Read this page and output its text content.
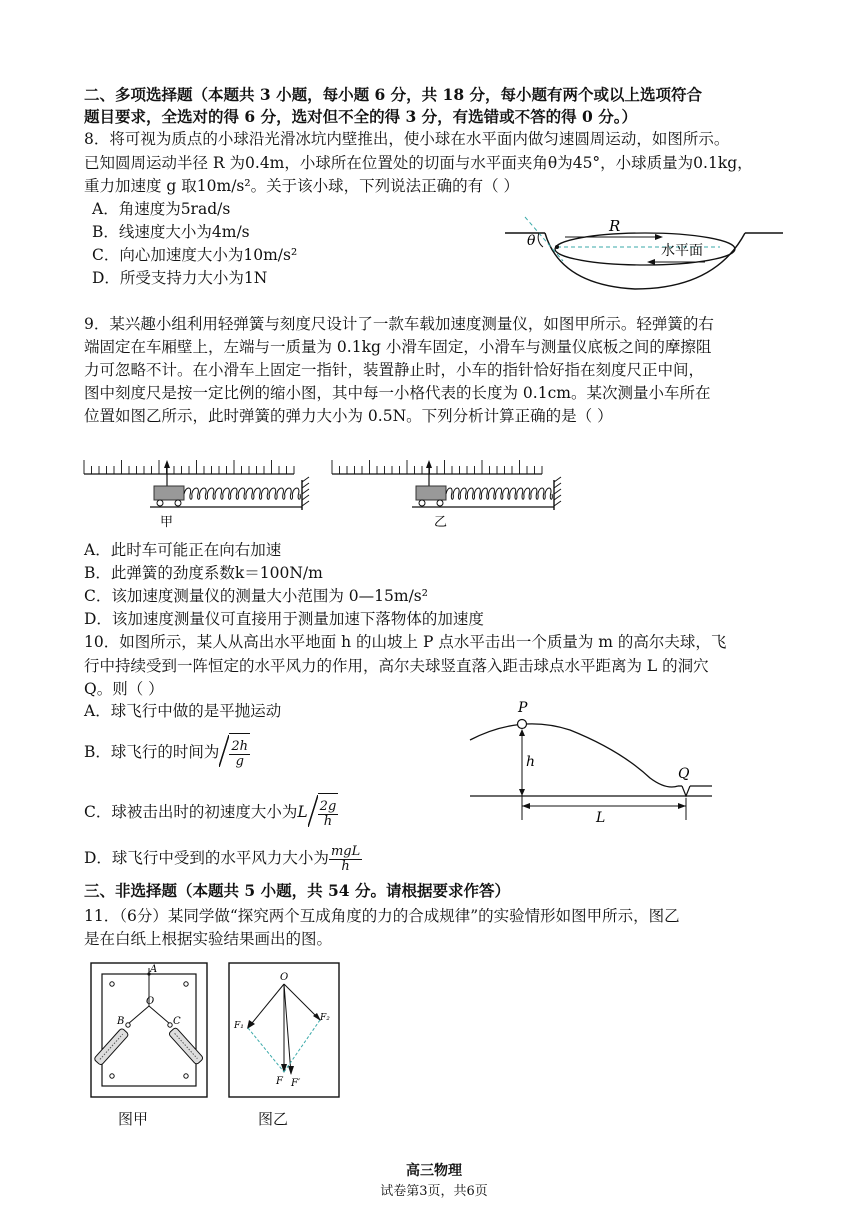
二、多项选择题（本题共 3 小题，每小题 6 分，共 18 分，每小题有两个或以上选项符合
题目要求，全选对的得 6 分，选对但不全的得 3 分，有选错或不答的得 0 分。）
8．将可视为质点的小球沿光滑冰坑内壁推出，使小球在水平面内做匀速圆周运动，如图所示。
已知圆周运动半径 R 为0.4m，小球所在位置处的切面与水平面夹角θ为45°，小球质量为0.1kg，
重力加速度 g 取10m/s²。关于该小球，下列说法正确的有（ ）
A．角速度为5rad/s
B．线速度大小为4m/s
C．向心加速度大小为10m/s²
D．所受支持力大小为1N
R
θ
水平面
9．某兴趣小组利用轻弹簧与刻度尺设计了一款车载加速度测量仪，如图甲所示。轻弹簧的右
端固定在车厢壁上，左端与一质量为 0.1kg 小滑车固定，小滑车与测量仪底板之间的摩擦阻
力可忽略不计。在小滑车上固定一指针，装置静止时，小车的指针恰好指在刻度尺正中间，
图中刻度尺是按一定比例的缩小图，其中每一小格代表的长度为 0.1cm。某次测量小车所在
位置如图乙所示，此时弹簧的弹力大小为 0.5N。下列分析计算正确的是（ ）
甲	乙
A．此时车可能正在向右加速
B．此弹簧的劲度系数k＝100N/m
C．该加速度测量仪的测量大小范围为 0—15m/s²
D．该加速度测量仪可直接用于测量加速下落物体的加速度
10．如图所示，某人从高出水平地面 h 的山坡上 P 点水平击出一个质量为 m 的高尔夫球，飞
行中持续受到一阵恒定的水平风力的作用，高尔夫球竖直落入距击球点水平距离为 L 的洞穴
Q。则（ ）
A．球飞行中做的是平抛运动
B．球飞行的时间为 $\frac{2h}{g}$
C．球被击出时的初速度大小为L $\frac{2g}{h}$
D．球飞行中受到的水平风力大小为 $\frac{\text{mgL}}{h}$
P
Q
h
L
三、非选择题（本题共 5 小题，共 54 分。请根据要求作答）
11．（6分）某同学做“探究两个互成角度的力的合成规律”的实验情形如图甲所示，图乙
是在白纸上根据实验结果画出的图。
A
O
B	C
O
F₁
F₂
F F′
图甲	图乙
高三物理
试卷第3页，共6页
